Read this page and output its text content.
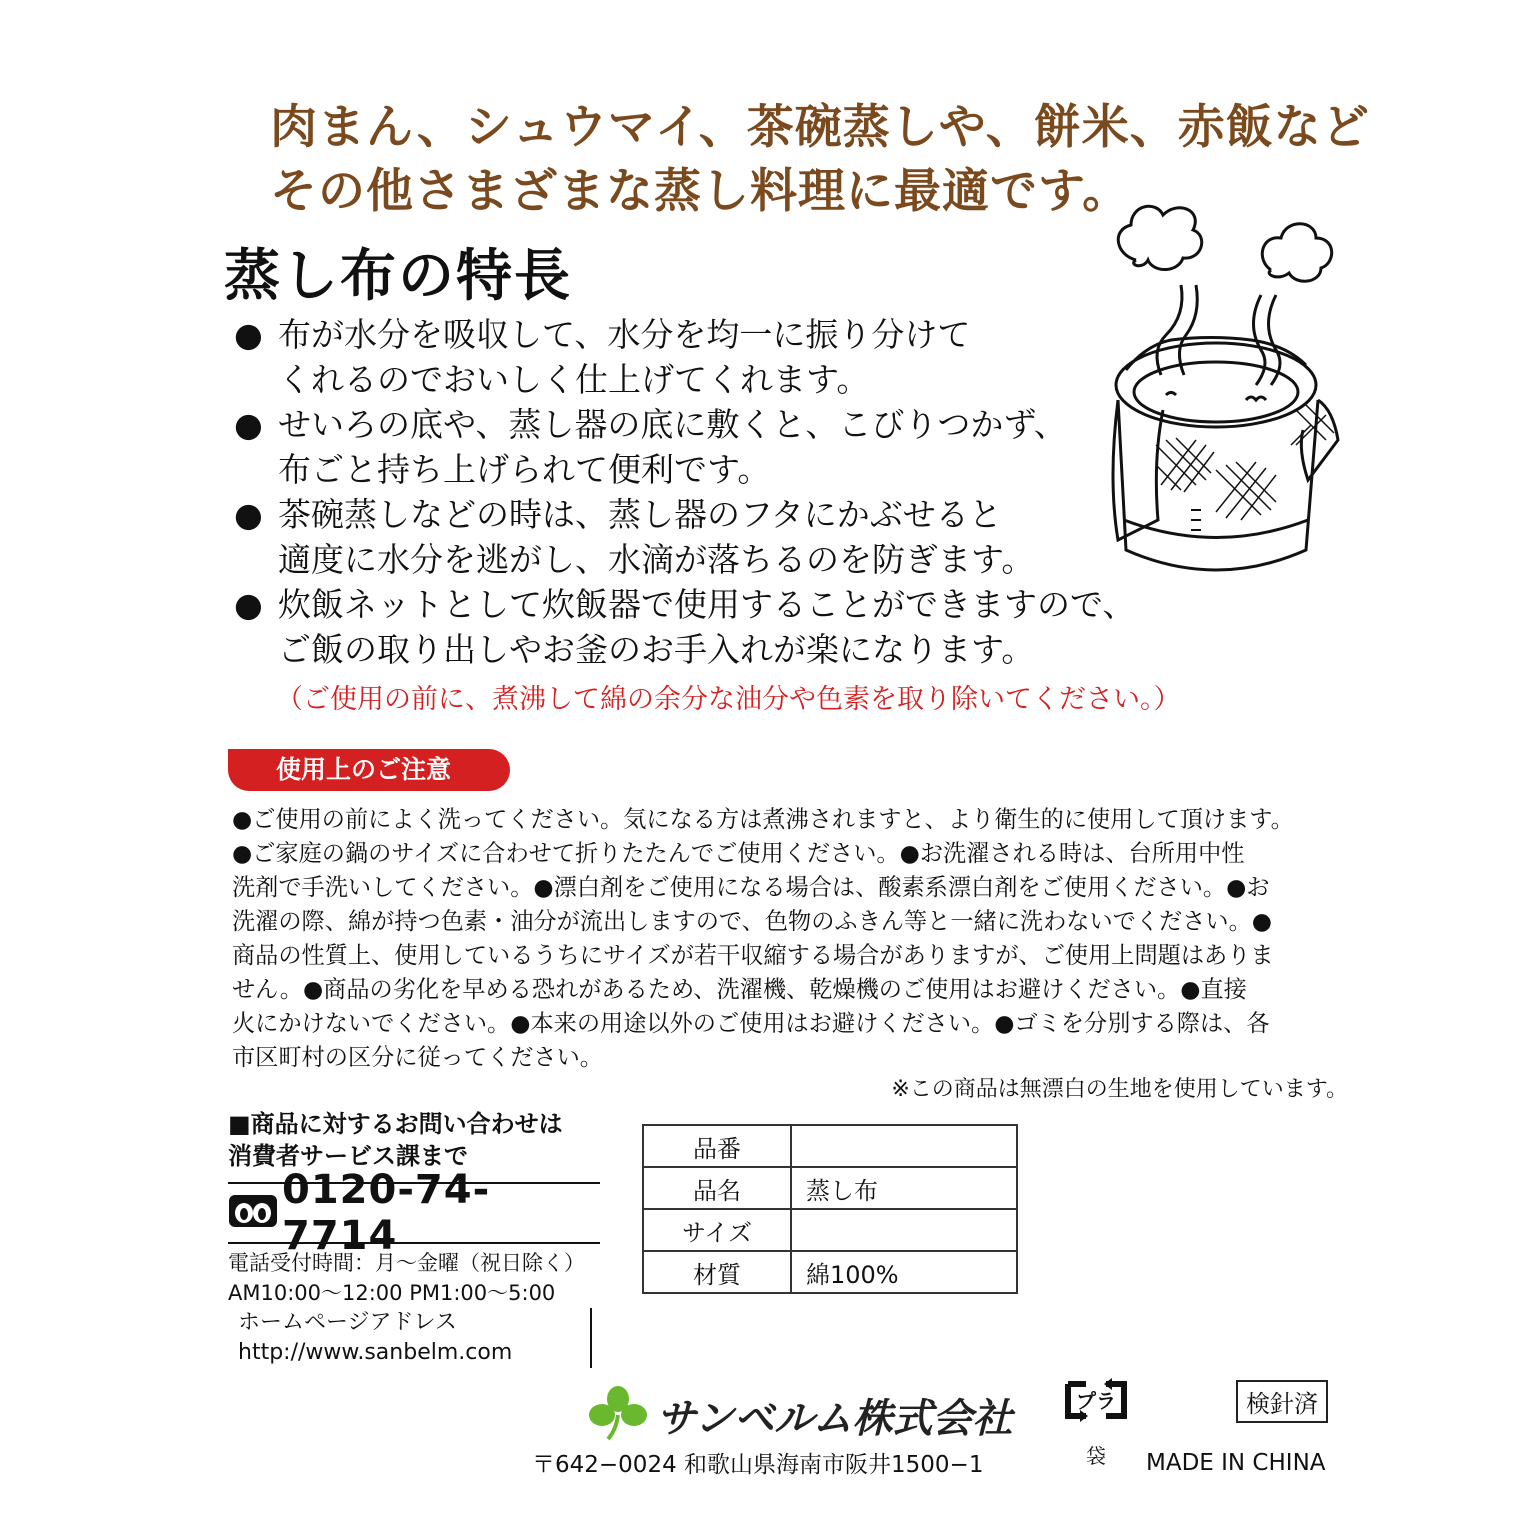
肉まん、シュウマイ、茶碗蒸しや、餅米、赤飯など
その他さまざまな蒸し料理に最適です。
蒸し布の特長
● 布が水分を吸収して、水分を均一に振り分けて
くれるのでおいしく仕上げてくれます。
● せいろの底や、蒸し器の底に敷くと、こびりつかず、
布ごと持ち上げられて便利です。
● 茶碗蒸しなどの時は、蒸し器のフタにかぶせると
適度に水分を逃がし、水滴が落ちるのを防ぎます。
● 炊飯ネットとして炊飯器で使用することができますので、
ご飯の取り出しやお釜のお手入れが楽になります。
（ご使用の前に、煮沸して綿の余分な油分や色素を取り除いてください。）
使用上のご注意
●ご使用の前によく洗ってください。気になる方は煮沸されますと、より衛生的に使用して頂けます。
●ご家庭の鍋のサイズに合わせて折りたたんでご使用ください。●お洗濯される時は、台所用中性
洗剤で手洗いしてください。●漂白剤をご使用になる場合は、酸素系漂白剤をご使用ください。●お
洗濯の際、綿が持つ色素・油分が流出しますので、色物のふきん等と一緒に洗わないでください。●
商品の性質上、使用しているうちにサイズが若干収縮する場合がありますが、ご使用上問題はありま
せん。●商品の劣化を早める恐れがあるため、洗濯機、乾燥機のご使用はお避けください。●直接
火にかけないでください。●本来の用途以外のご使用はお避けください。●ゴミを分別する際は、各
市区町村の区分に従ってください。
※この商品は無漂白の生地を使用しています。
■商品に対するお問い合わせは
消費者サービス課まで
0120-74-7714
電話受付時間：月～金曜（祝日除く）
AM10:00～12:00 PM1:00～5:00
ホームページアドレス
http://www.sanbelm.com
品番	
品名	蒸し布
サイズ	
材質	綿100%
サンベルム株式会社
〒642−0024 和歌山県海南市阪井1500−1
プラ
袋
検針済
MADE IN CHINA
